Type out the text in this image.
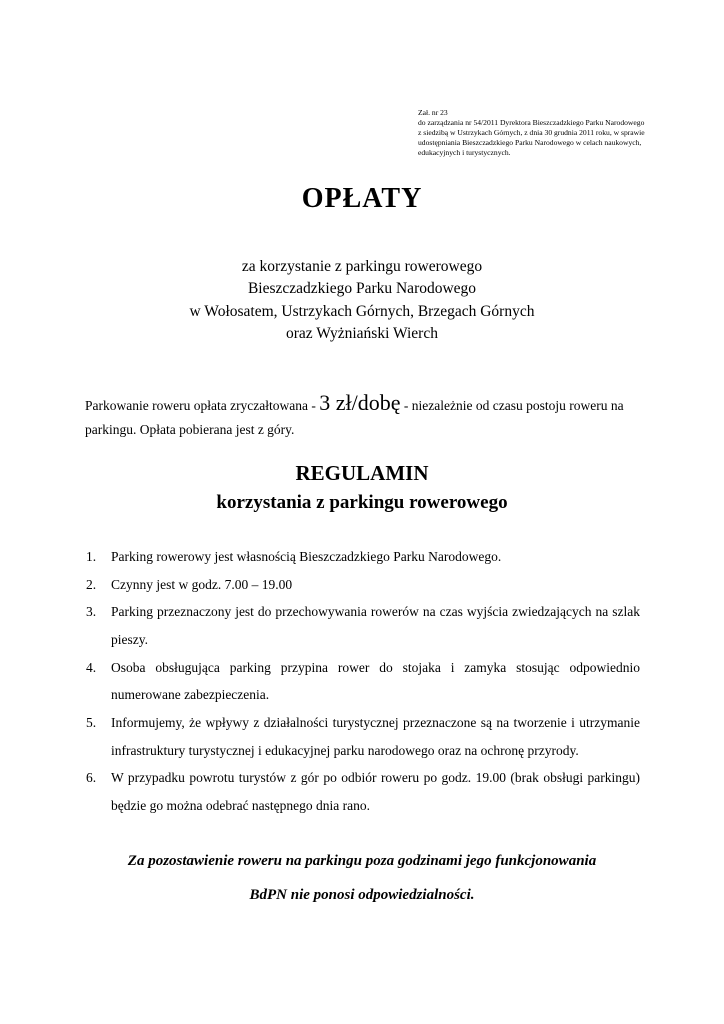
Zał. nr 23
do zarządzania nr 54/2011 Dyrektora Bieszczadzkiego Parku Narodowego
z siedzibą w Ustrzykach Górnych, z dnia 30 grudnia 2011 roku, w sprawie
udostępniania Bieszczadzkiego Parku Narodowego w celach naukowych,
edukacyjnych i turystycznych.
OPŁATY
za korzystanie z parkingu rowerowego
Bieszczadzkiego Parku Narodowego
w Wołosatem, Ustrzykach Górnych, Brzegach Górnych
oraz Wyżniański Wierch

Parkowanie roweru opłata zryczałtowana - 3 zł/dobę - niezależnie od czasu postoju roweru na parkingu. Opłata pobierana jest z góry.

REGULAMIN
korzystania z parkingu rowerowego
1. Parking rowerowy jest własnością Bieszczadzkiego Parku Narodowego.
2. Czynny jest w godz. 7.00 – 19.00
3. Parking przeznaczony jest do przechowywania rowerów na czas wyjścia zwiedzających na szlak pieszy.
4. Osoba obsługująca parking przypina rower do stojaka i zamyka stosując odpowiednio numerowane zabezpieczenia.
5. Informujemy, że wpływy z działalności turystycznej przeznaczone są na tworzenie i utrzymanie infrastruktury turystycznej i edukacyjnej parku narodowego oraz na ochronę przyrody.
6. W przypadku powrotu turystów z gór po odbiór roweru po godz. 19.00 (brak obsługi parkingu) będzie go można odebrać następnego dnia rano.
Za pozostawienie roweru na parkingu poza godzinami jego funkcjonowania
BdPN nie ponosi odpowiedzialności.
